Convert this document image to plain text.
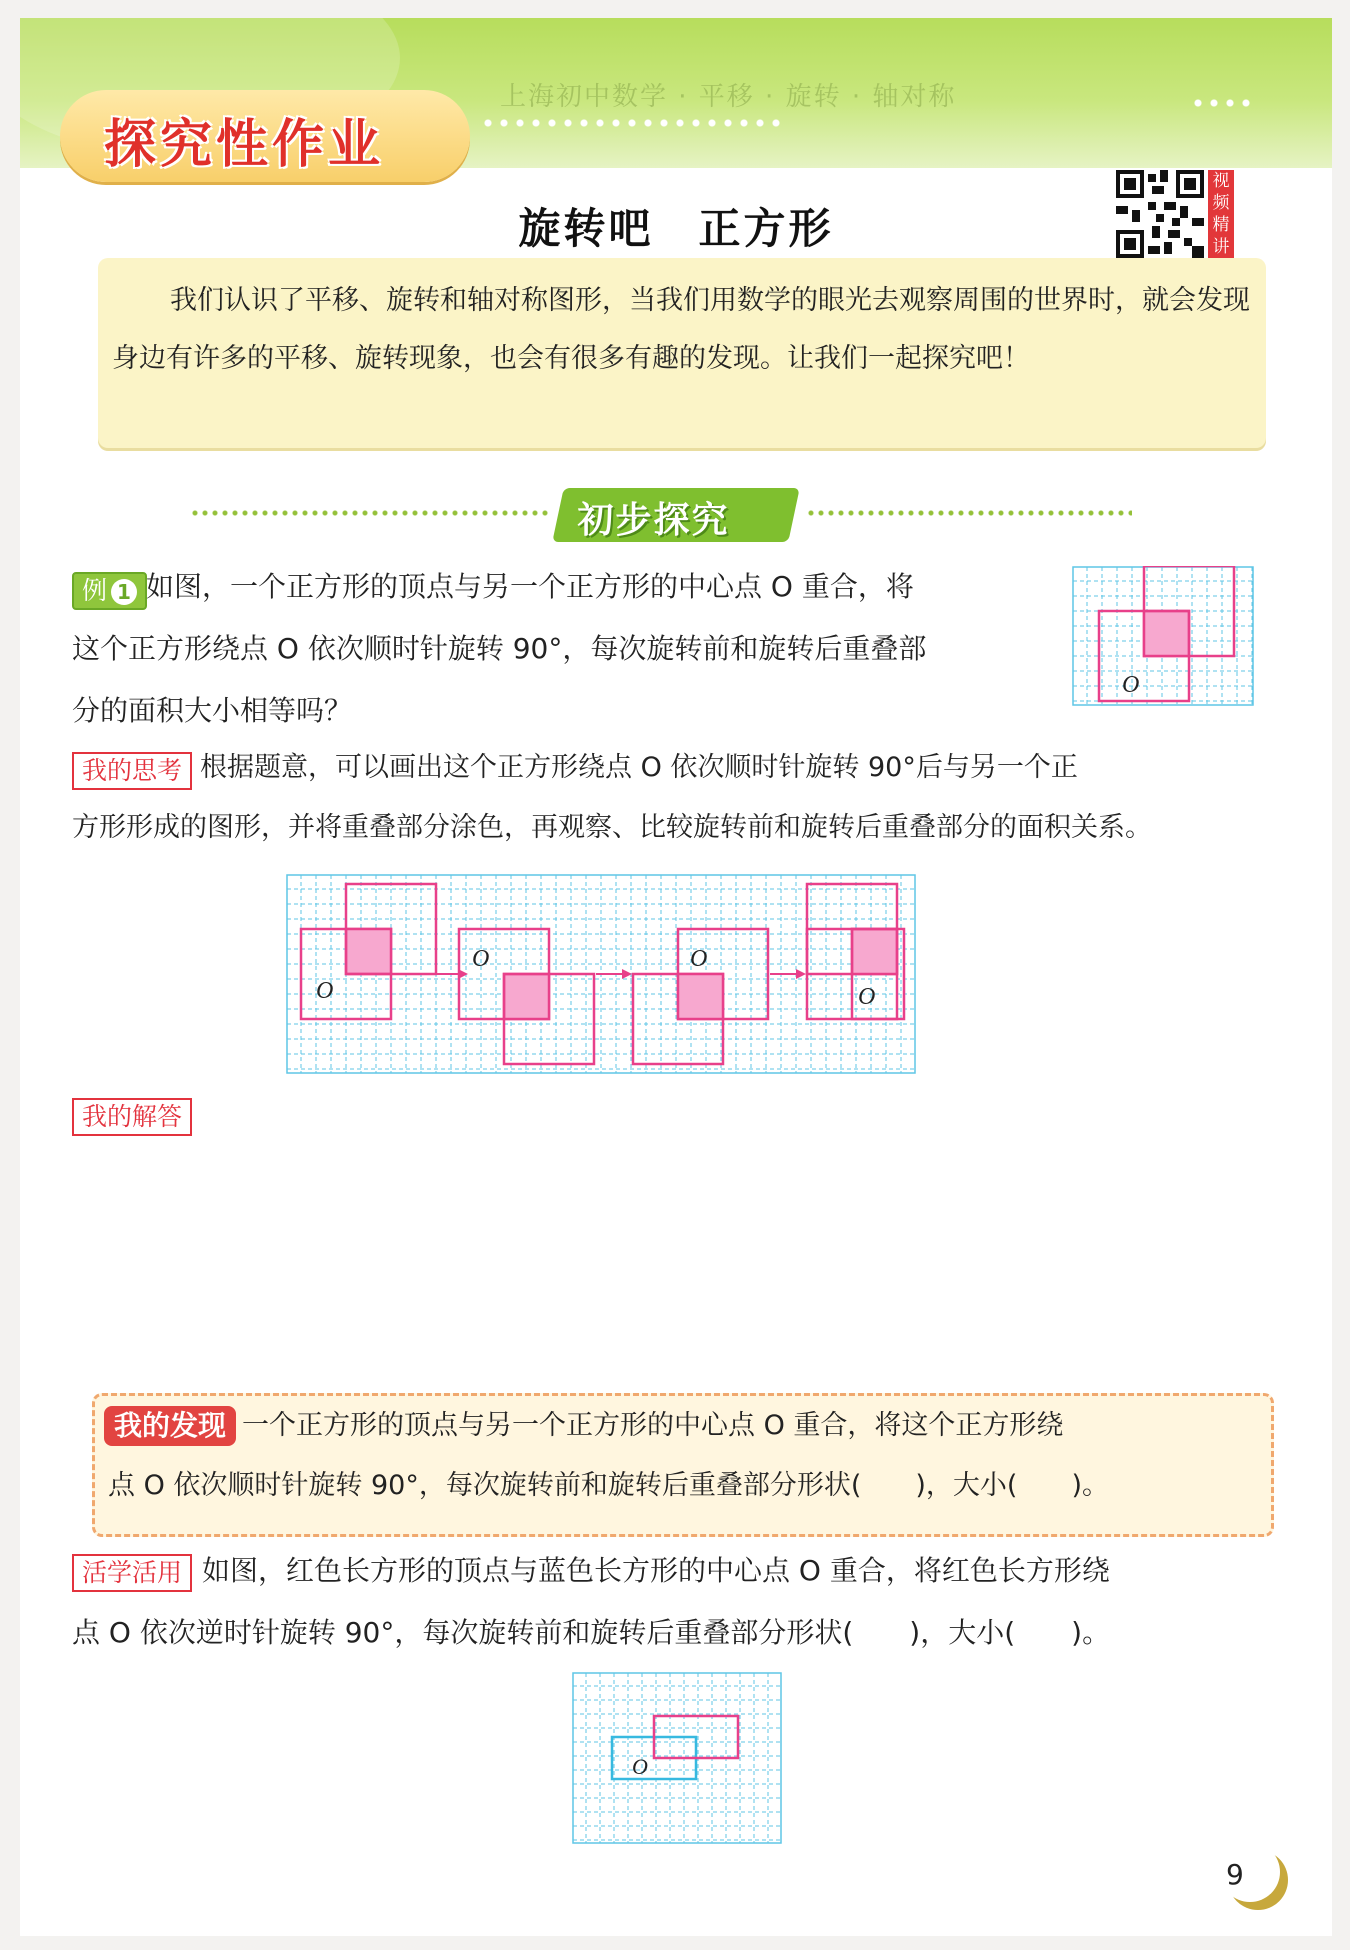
上海初中数学 · 平移 · 旋转 · 轴对称
探究性作业
旋转吧　正方形
视频精讲

我们认识了平移、旋转和轴对称图形，当我们用数学的眼光去观察周围的世界时，就会发现身边有许多的平移、旋转现象，也会有很多有趣的发现。让我们一起探究吧！

初步探究
例 1 如图，一个正方形的顶点与另一个正方形的中心点 O 重合，将
这个正方形绕点 O 依次顺时针旋转 90°，每次旋转前和旋转后重叠部
分的面积大小相等吗？
O
我的思考 根据题意，可以画出这个正方形绕点 O 依次顺时针旋转 90°后与另一个正
方形形成的图形，并将重叠部分涂色，再观察、比较旋转前和旋转后重叠部分的面积关系。
O
O	O
O
我的解答
我的发现 一个正方形的顶点与另一个正方形的中心点 O 重合，将这个正方形绕
点 O 依次顺时针旋转 90°，每次旋转前和旋转后重叠部分形状(　　)，大小(　　)。
活学活用 如图，红色长方形的顶点与蓝色长方形的中心点 O 重合，将红色长方形绕
点 O 依次逆时针旋转 90°，每次旋转前和旋转后重叠部分形状(　　)，大小(　　)。
O
9
